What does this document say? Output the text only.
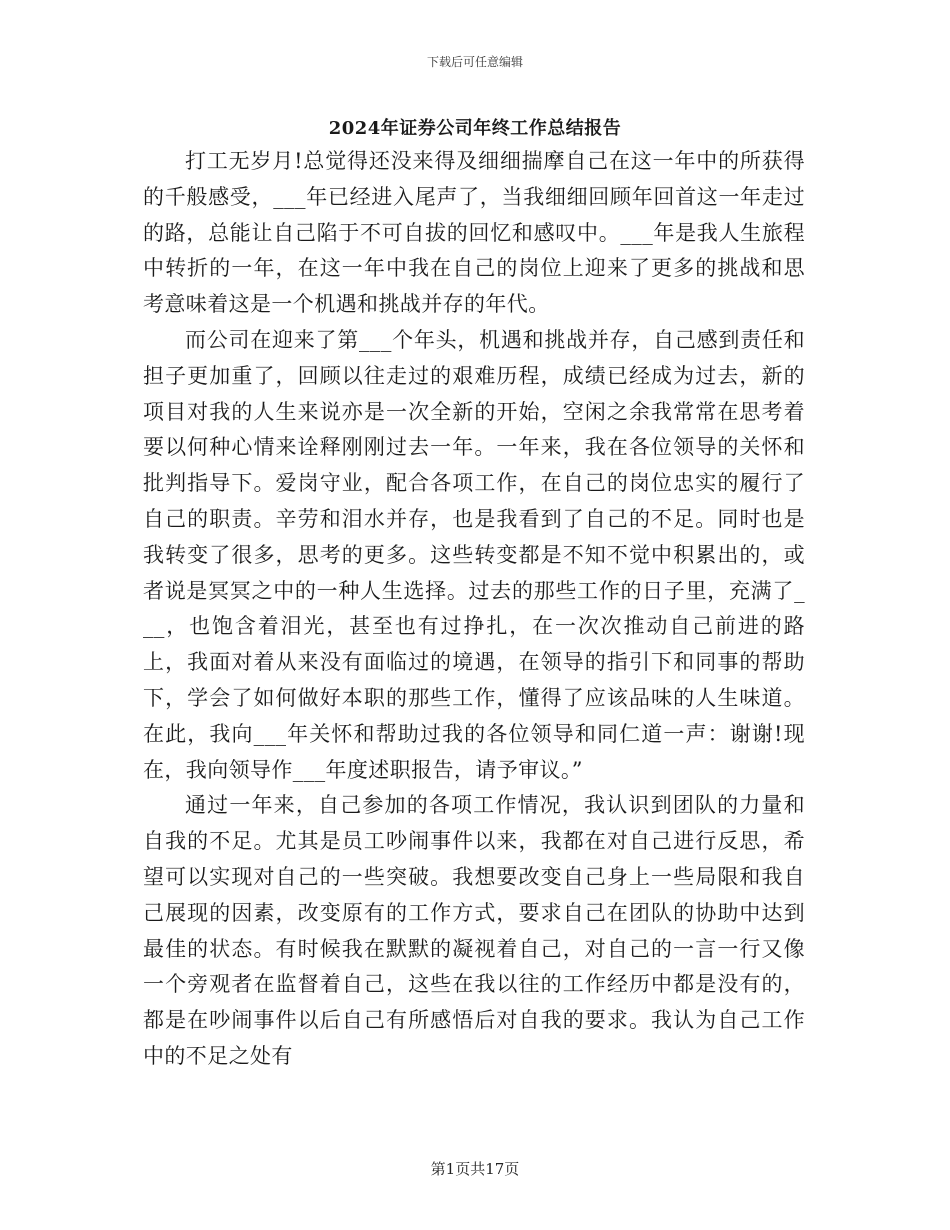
下载后可任意编辑
2024年证券公司年终工作总结报告

打工无岁月!总觉得还没来得及细细揣摩自己在这一年中的所获得的千般感受，___年已经进入尾声了，当我细细回顾年回首这一年走过的路，总能让自己陷于不可自拔的回忆和感叹中。___年是我人生旅程中转折的一年，在这一年中我在自己的岗位上迎来了更多的挑战和思考意味着这是一个机遇和挑战并存的年代。

而公司在迎来了第___个年头，机遇和挑战并存，自己感到责任和担子更加重了，回顾以往走过的艰难历程，成绩已经成为过去，新的项目对我的人生来说亦是一次全新的开始，空闲之余我常常在思考着要以何种心情来诠释刚刚过去一年。一年来，我在各位领导的关怀和批判指导下。爱岗守业，配合各项工作，在自己的岗位忠实的履行了自己的职责。辛劳和泪水并存，也是我看到了自己的不足。同时也是我转变了很多，思考的更多。这些转变都是不知不觉中积累出的，或者说是冥冥之中的一种人生选择。过去的那些工作的日子里，充满了___，也饱含着泪光，甚至也有过挣扎，在一次次推动自己前进的路上，我面对着从来没有面临过的境遇，在领导的指引下和同事的帮助下，学会了如何做好本职的那些工作，懂得了应该品味的人生味道。在此，我向___年关怀和帮助过我的各位领导和同仁道一声：谢谢!现在，我向领导作___年度述职报告，请予审议。”

通过一年来，自己参加的各项工作情况，我认识到团队的力量和自我的不足。尤其是员工吵闹事件以来，我都在对自己进行反思，希望可以实现对自己的一些突破。我想要改变自己身上一些局限和我自己展现的因素，改变原有的工作方式，要求自己在团队的协助中达到最佳的状态。有时候我在默默的凝视着自己，对自己的一言一行又像一个旁观者在监督着自己，这些在我以往的工作经历中都是没有的，都是在吵闹事件以后自己有所感悟后对自我的要求。我认为自己工作中的不足之处有

第1页共17页
